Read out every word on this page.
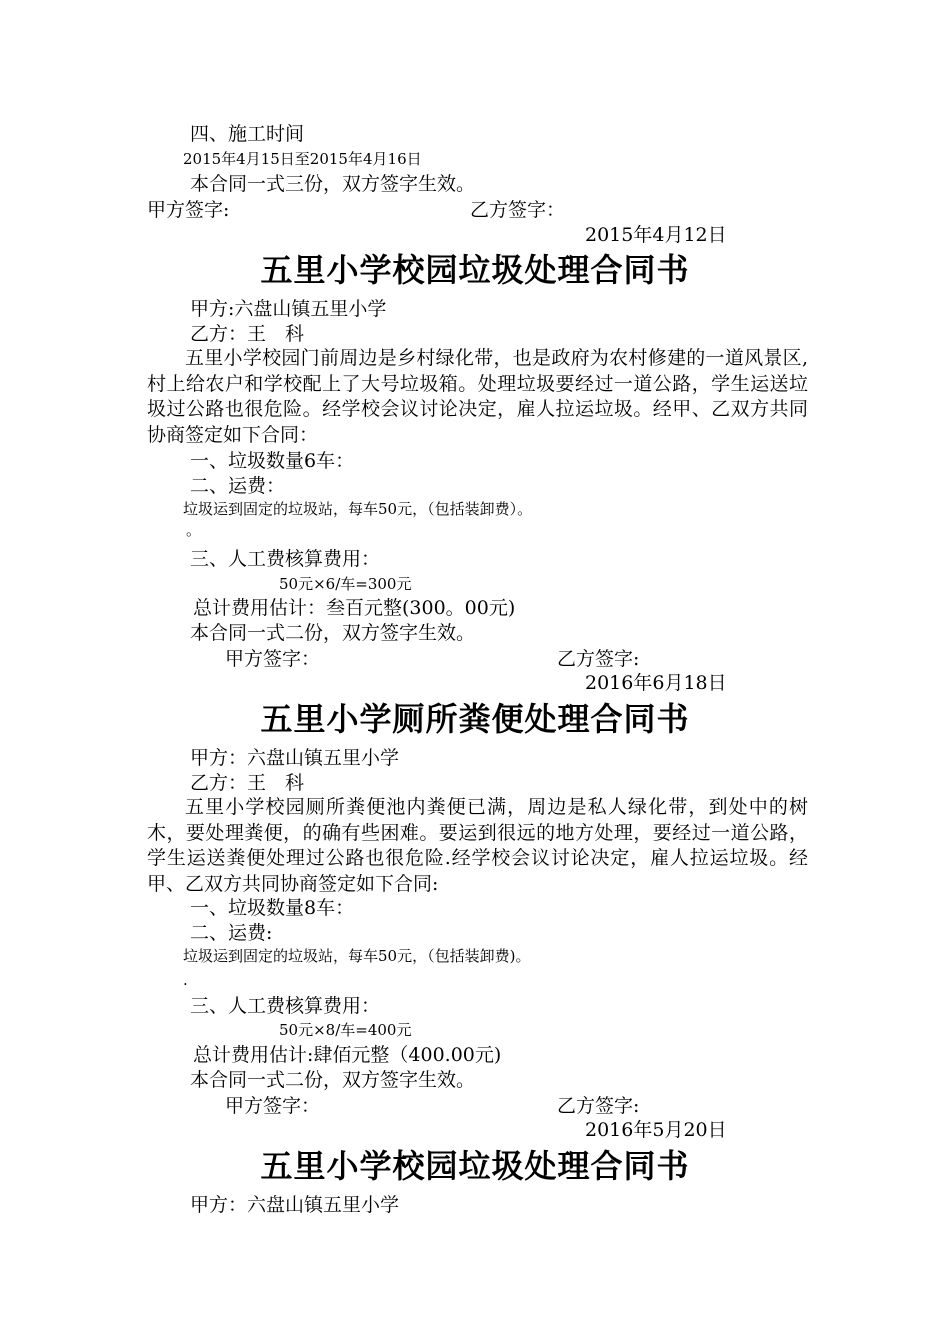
四、施工时间
2015年4月15日至2015年4月16日
本合同一式三份，双方签字生效。
甲方签字:	乙方签字：
2015年4月12日
五里小学校园垃圾处理合同书
甲方:六盘山镇五里小学
乙方：王　科

五里小学校园门前周边是乡村绿化带，也是政府为农村修建的一道风景区,村上给农户和学校配上了大号垃圾箱。处理垃圾要经过一道公路，学生运送垃圾过公路也很危险。经学校会议讨论决定，雇人拉运垃圾。经甲、乙双方共同协商签定如下合同：

一、垃圾数量6车：
二、运费：
垃圾运到固定的垃圾站，每车50元，（包括装卸费）。
。
三、人工费核算费用：
50元×6/车=300元
总计费用估计：叁百元整(300。00元)
本合同一式二份，双方签字生效。
甲方签字：	乙方签字:
2016年6月18日
五里小学厕所粪便处理合同书
甲方：六盘山镇五里小学
乙方：王　科

五里小学校园厕所粪便池内粪便已满，周边是私人绿化带，到处中的树木，要处理粪便，的确有些困难。要运到很远的地方处理，要经过一道公路，学生运送粪便处理过公路也很危险.经学校会议讨论决定，雇人拉运垃圾。经甲、乙双方共同协商签定如下合同:

一、垃圾数量8车：
二、运费:
垃圾运到固定的垃圾站，每车50元，（包括装卸费)。
.
三、人工费核算费用：
50元×8/车=400元
总计费用估计:肆佰元整（400.00元)
本合同一式二份，双方签字生效。
甲方签字：	乙方签字:
2016年5月20日
五里小学校园垃圾处理合同书
甲方：六盘山镇五里小学
